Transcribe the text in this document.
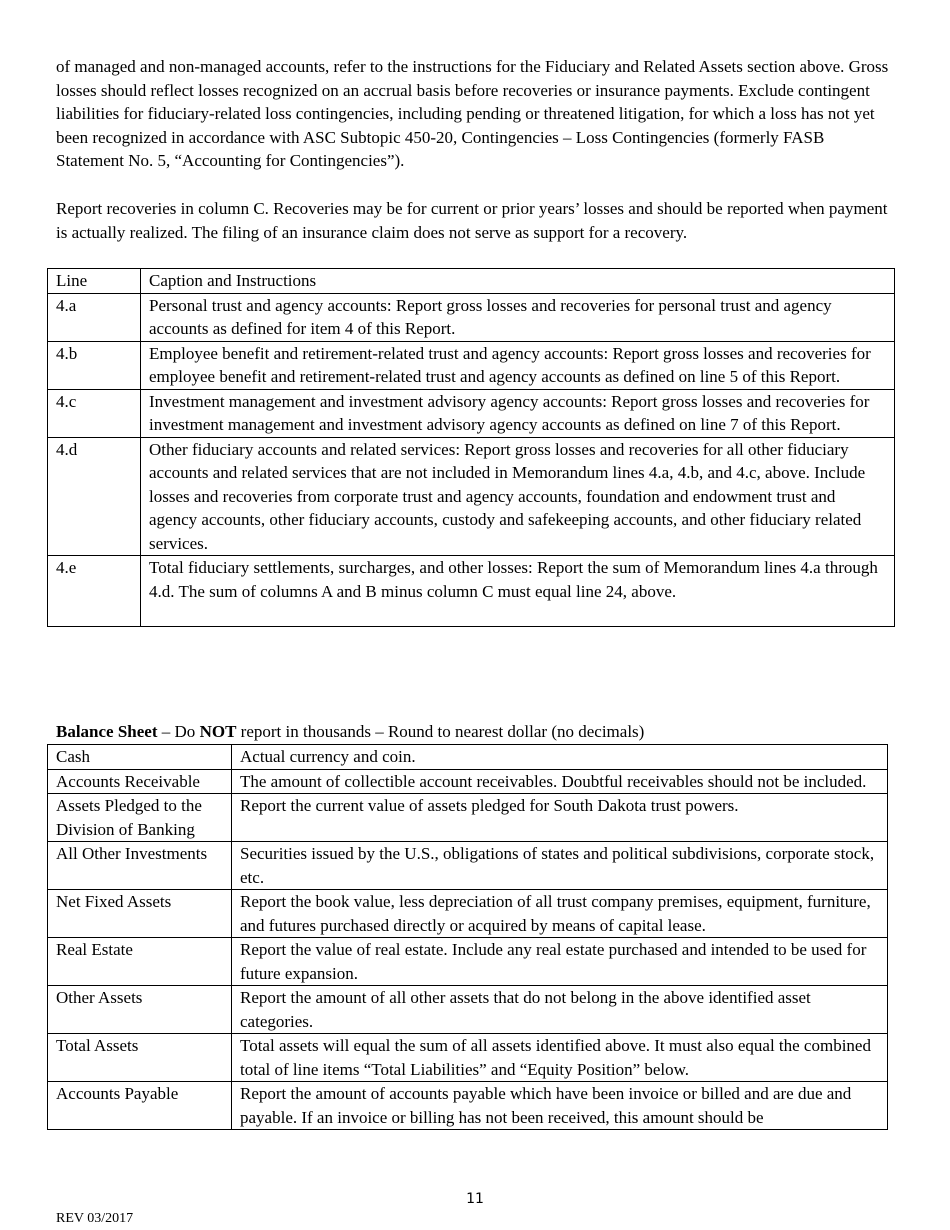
of managed and non-managed accounts, refer to the instructions for the Fiduciary and Related Assets section above. Gross losses should reflect losses recognized on an accrual basis before recoveries or insurance payments. Exclude contingent liabilities for fiduciary-related loss contingencies, including pending or threatened litigation, for which a loss has not yet been recognized in accordance with ASC Subtopic 450-20, Contingencies – Loss Contingencies (formerly FASB Statement No. 5, “Accounting for Contingencies”).

Report recoveries in column C. Recoveries may be for current or prior years’ losses and should be reported when payment is actually realized. The filing of an insurance claim does not serve as support for a recovery.

Line	Caption and Instructions
4.a	Personal trust and agency accounts: Report gross losses and recoveries for personal trust and agency accounts as defined for item 4 of this Report.
4.b	Employee benefit and retirement-related trust and agency accounts: Report gross losses and recoveries for employee benefit and retirement-related trust and agency accounts as defined on line 5 of this Report.
4.c	Investment management and investment advisory agency accounts: Report gross losses and recoveries for investment management and investment advisory agency accounts as defined on line 7 of this Report.
4.d	Other fiduciary accounts and related services: Report gross losses and recoveries for all other fiduciary accounts and related services that are not included in Memorandum lines 4.a, 4.b, and 4.c, above. Include losses and recoveries from corporate trust and agency accounts, foundation and endowment trust and agency accounts, other fiduciary accounts, custody and safekeeping accounts, and other fiduciary related services.
4.e	Total fiduciary settlements, surcharges, and other losses: Report the sum of Memorandum lines 4.a through 4.d. The sum of columns A and B minus column C must equal line 24, above.
Balance Sheet – Do NOT report in thousands – Round to nearest dollar (no decimals)
Cash	Actual currency and coin.
Accounts Receivable	The amount of collectible account receivables. Doubtful receivables should not be included.
Assets Pledged to the Division of Banking	Report the current value of assets pledged for South Dakota trust powers.
All Other Investments	Securities issued by the U.S., obligations of states and political subdivisions, corporate stock, etc.
Net Fixed Assets	Report the book value, less depreciation of all trust company premises, equipment, furniture, and futures purchased directly or acquired by means of capital lease.
Real Estate	Report the value of real estate. Include any real estate purchased and intended to be used for future expansion.
Other Assets	Report the amount of all other assets that do not belong in the above identified asset categories.
Total Assets	Total assets will equal the sum of all assets identified above. It must also equal the combined total of line items “Total Liabilities” and “Equity Position” below.
Accounts Payable	Report the amount of accounts payable which have been invoice or billed and are due and payable. If an invoice or billing has not been received, this amount should be
11
REV 03/2017
